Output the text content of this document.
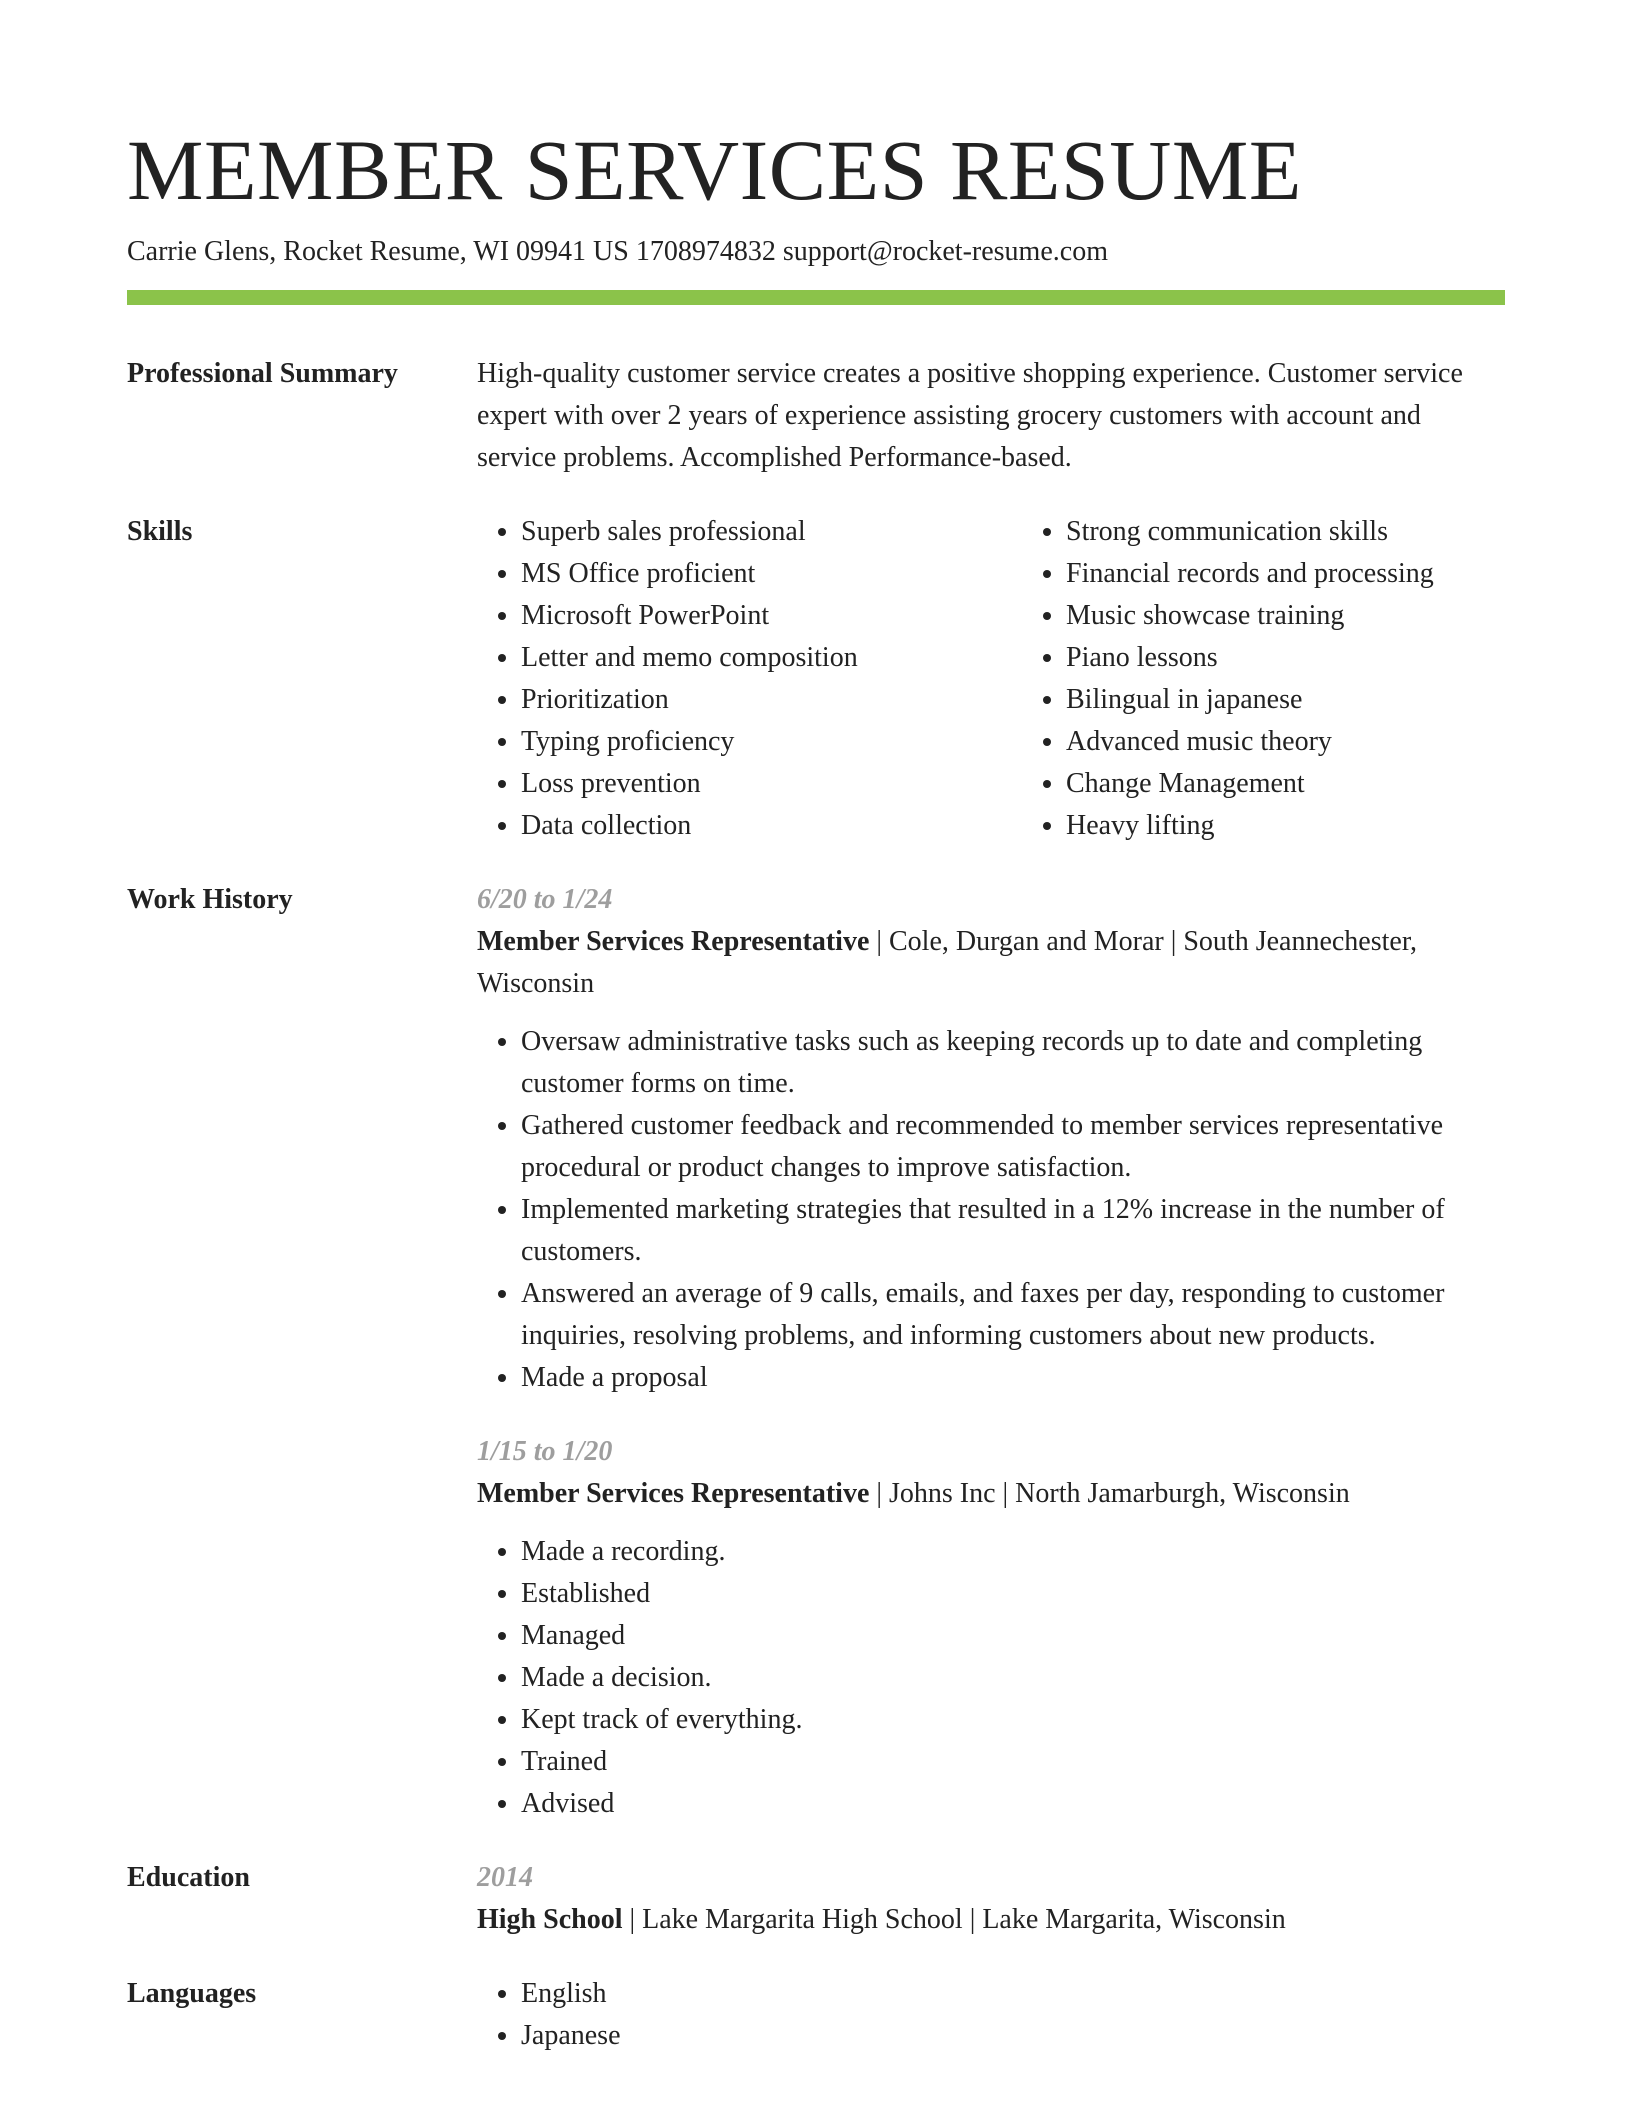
MEMBER SERVICES RESUME
Carrie Glens, Rocket Resume, WI 09941 US 1708974832 support@rocket-resume.com
Professional Summary	High-quality customer service creates a positive shopping experience. Customer service expert with over 2 years of experience assisting grocery customers with account and service problems. Accomplished Performance-based.
Skills	• Superb sales professional
• MS Office proficient
• Microsoft PowerPoint
• Letter and memo composition
• Prioritization
• Typing proficiency
• Loss prevention
• Data collection
• Strong communication skills
• Financial records and processing
• Music showcase training
• Piano lessons
• Bilingual in japanese
• Advanced music theory
• Change Management
• Heavy lifting
Work History	6/20 to 1/24
Member Services Representative | Cole, Durgan and Morar | South Jeannechester, Wisconsin
• Oversaw administrative tasks such as keeping records up to date and completing customer forms on time.
• Gathered customer feedback and recommended to member services representative procedural or product changes to improve satisfaction.
• Implemented marketing strategies that resulted in a 12% increase in the number of customers.
• Answered an average of 9 calls, emails, and faxes per day, responding to customer inquiries, resolving problems, and informing customers about new products.
• Made a proposal
1/15 to 1/20
Member Services Representative | Johns Inc | North Jamarburgh, Wisconsin
• Made a recording.
• Established
• Managed
• Made a decision.
• Kept track of everything.
• Trained
• Advised
Education	2014
High School | Lake Margarita High School | Lake Margarita, Wisconsin
Languages	• English
• Japanese
